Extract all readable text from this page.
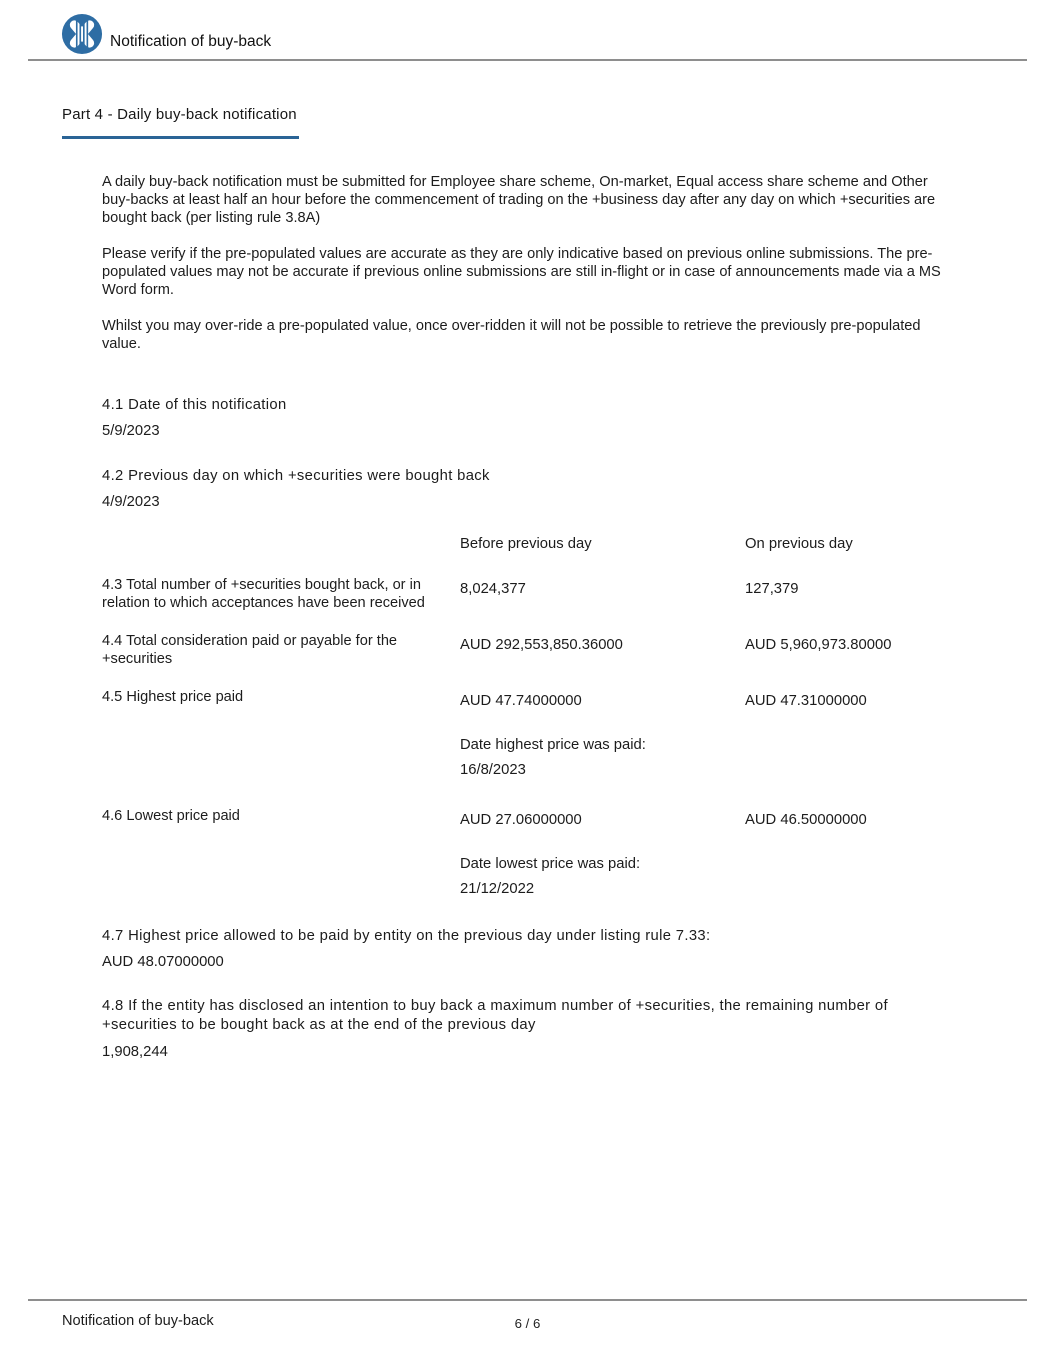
Notification of buy-back
Part 4 - Daily buy-back notification

A daily buy-back notification must be submitted for Employee share scheme, On-market, Equal access share scheme and Other buy-backs at least half an hour before the commencement of trading on the +business day after any day on which +securities are bought back (per listing rule 3.8A)

Please verify if the pre-populated values are accurate as they are only indicative based on previous online submissions. The pre-populated values may not be accurate if previous online submissions are still in-flight or in case of announcements made via a MS Word form.

Whilst you may over-ride a pre-populated value, once over-ridden it will not be possible to retrieve the previously pre-populated value.

4.1 Date of this notification
5/9/2023
4.2 Previous day on which +securities were bought back
4/9/2023
Before previous day	On previous day
4.3 Total number of +securities bought back, or in relation to which acceptances have been received
8,024,377	127,379
4.4 Total consideration paid or payable for the +securities
AUD 292,553,850.36000	AUD 5,960,973.80000
4.5 Highest price paid	AUD 47.74000000	AUD 47.31000000
Date highest price was paid:
16/8/2023
4.6 Lowest price paid	AUD 27.06000000	AUD 46.50000000
Date lowest price was paid:
21/12/2022
4.7 Highest price allowed to be paid by entity on the previous day under listing rule 7.33:
AUD 48.07000000
4.8 If the entity has disclosed an intention to buy back a maximum number of +securities, the remaining number of +securities to be bought back as at the end of the previous day
1,908,244
Notification of buy-back	6 / 6
